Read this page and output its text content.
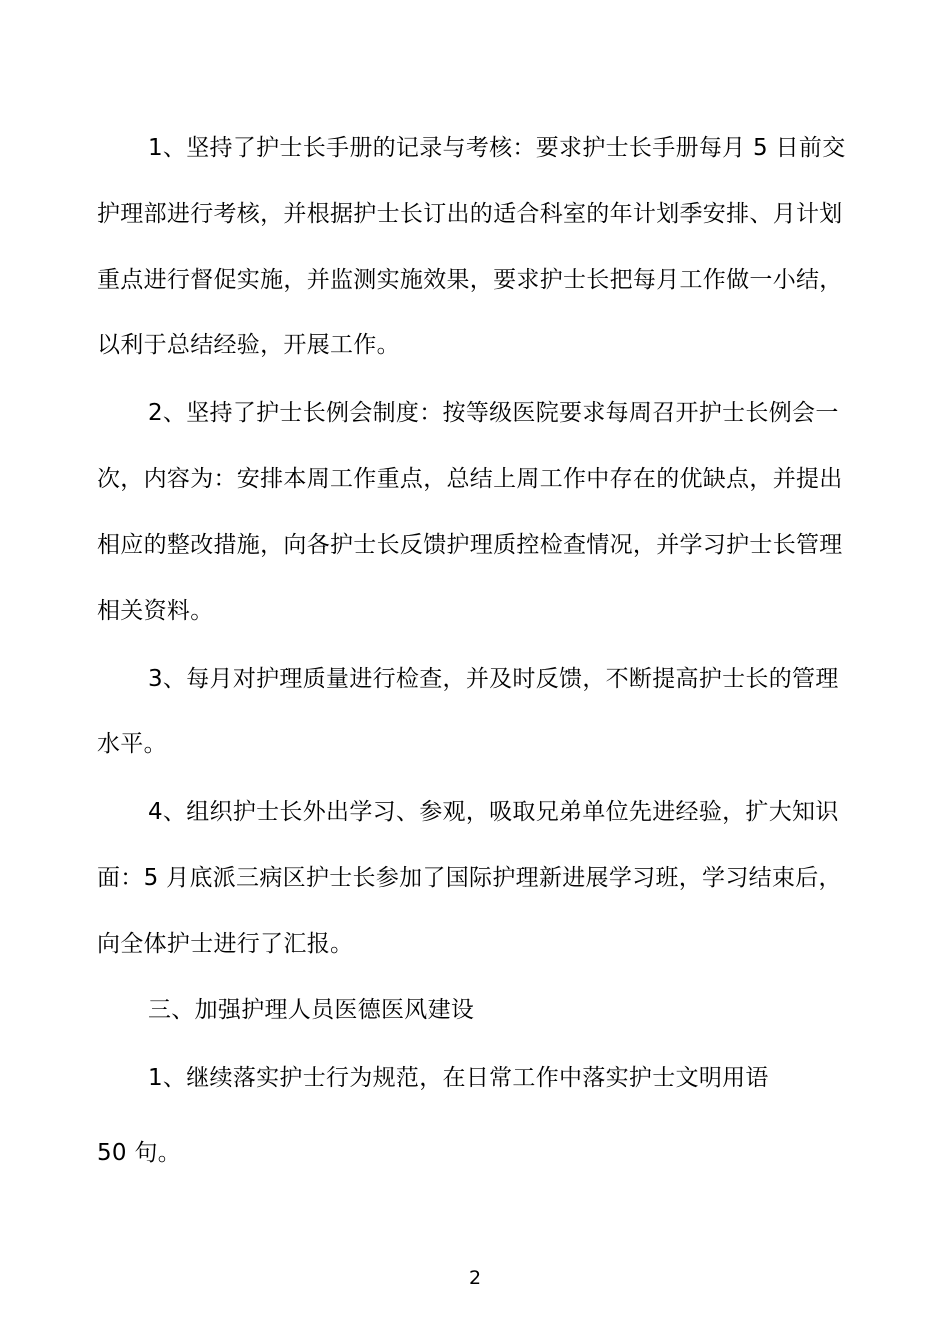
1、坚持了护士长手册的记录与考核：要求护士长手册每月 5 日前交
护理部进行考核，并根据护士长订出的适合科室的年计划季安排、月计划
重点进行督促实施，并监测实施效果，要求护士长把每月工作做一小结，
以利于总结经验，开展工作。
2、坚持了护士长例会制度：按等级医院要求每周召开护士长例会一
次，内容为：安排本周工作重点，总结上周工作中存在的优缺点，并提出
相应的整改措施，向各护士长反馈护理质控检查情况，并学习护士长管理
相关资料。
3、每月对护理质量进行检查，并及时反馈，不断提高护士长的管理
水平。
4、组织护士长外出学习、参观，吸取兄弟单位先进经验，扩大知识
面：5 月底派三病区护士长参加了国际护理新进展学习班，学习结束后，
向全体护士进行了汇报。
三、加强护理人员医德医风建设
1、继续落实护士行为规范，在日常工作中落实护士文明用语
50 句。
2
